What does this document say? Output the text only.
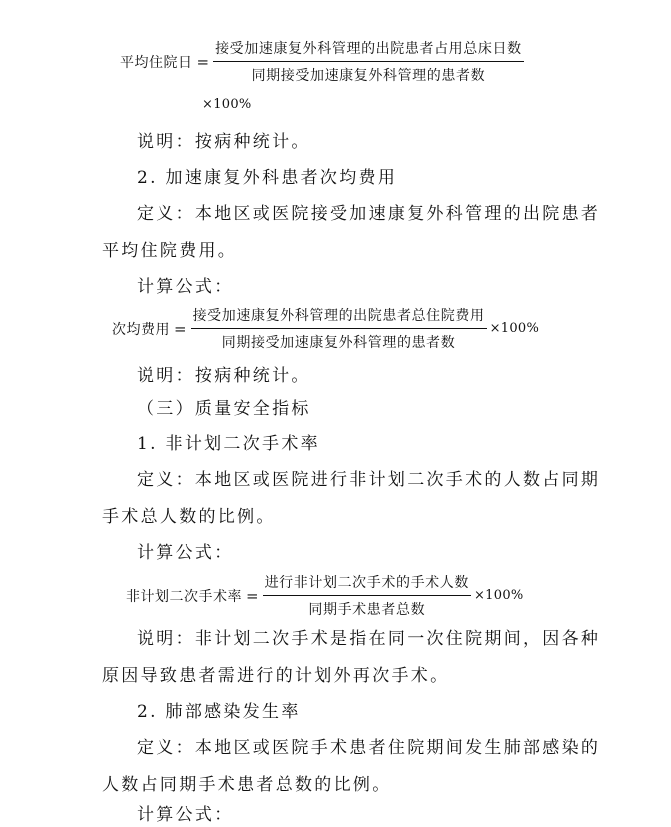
平均住院日 = $\frac{\text{接受加速康复外科管理的出院患者占用总床日数}}{\text{同期接受加速康复外科管理的患者数}}$
×100%
说明：按病种统计。
2. 加速康复外科患者次均费用
定义：本地区或医院接受加速康复外科管理的出院患者
平均住院费用。
计算公式：
次均费用 = $\frac{\text{接受加速康复外科管理的出院患者总住院费用}}{\text{同期接受加速康复外科管理的患者数}} \times 100\%$
说明：按病种统计。
（三）质量安全指标
1. 非计划二次手术率
定义：本地区或医院进行非计划二次手术的人数占同期
手术总人数的比例。
计算公式：
非计划二次手术率 = $\frac{\text{进行非计划二次手术的手术人数}}{\text{同期手术患者总数}} \times 100\%$
说明：非计划二次手术是指在同一次住院期间，因各种
原因导致患者需进行的计划外再次手术。
2. 肺部感染发生率
定义：本地区或医院手术患者住院期间发生肺部感染的
人数占同期手术患者总数的比例。
计算公式：
